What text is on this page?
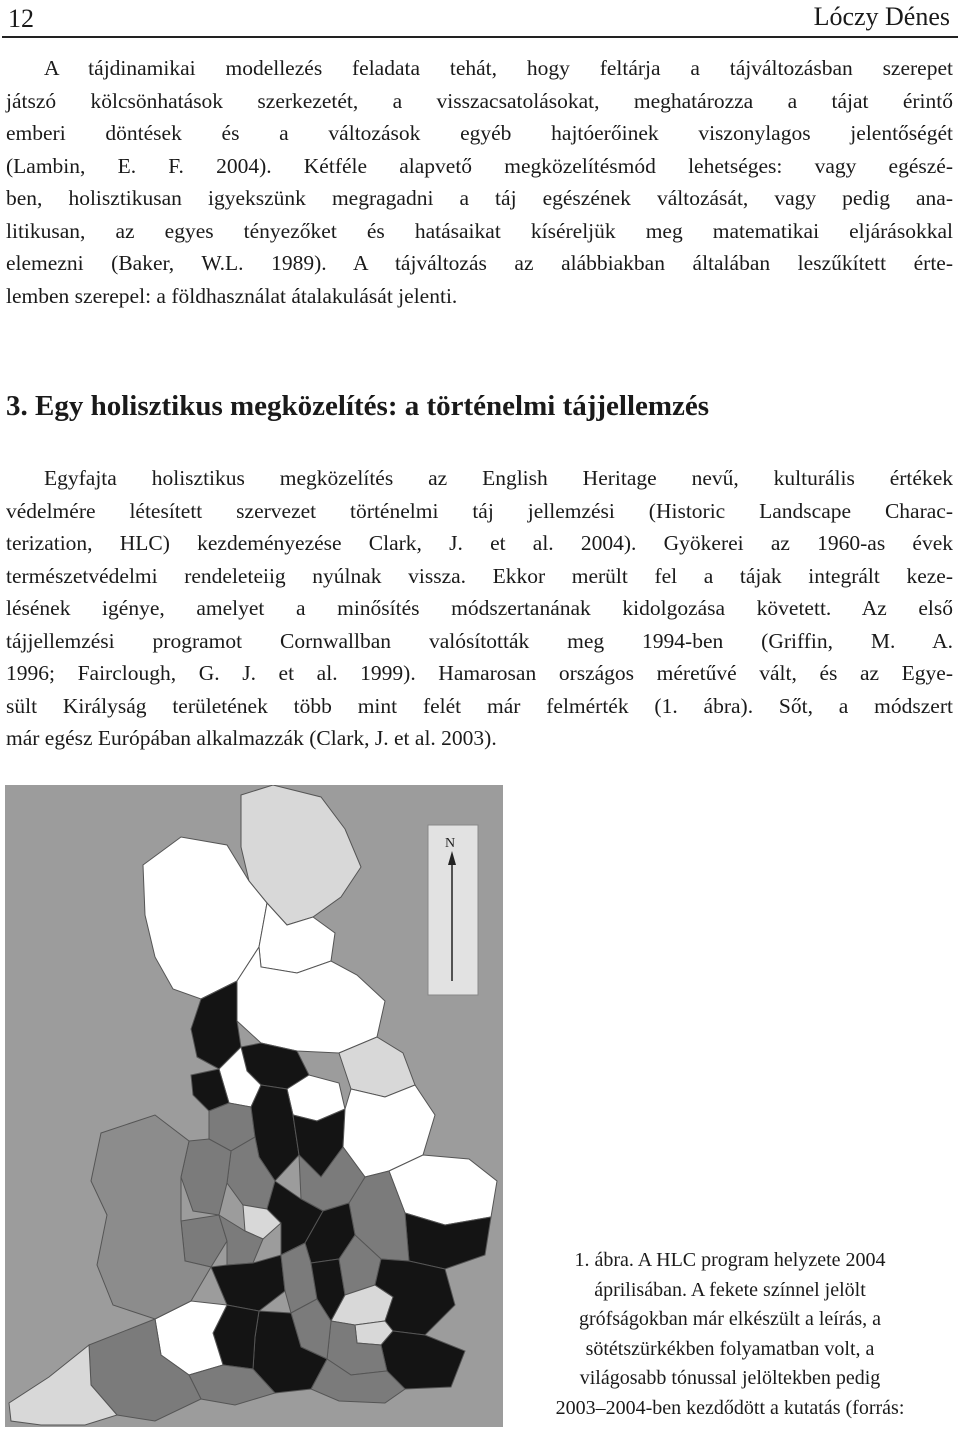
12	Lóczy Dénes

A tájdinamikai modellezés feladata tehát, hogy feltárja a tájváltozásban szerepet
játszó kölcsönhatások szerkezetét, a visszacsatolásokat, meghatározza a tájat érintő
emberi döntések és a változások egyéb hajtóerőinek viszonylagos jelentőségét
(Lambin, E. F. 2004). Kétféle alapvető megközelítésmód lehetséges: vagy egészé-
ben, holisztikusan igyekszünk megragadni a táj egészének változását, vagy pedig ana-
litikusan, az egyes tényezőket és hatásaikat kíséreljük meg matematikai eljárásokkal
elemezni (Baker, W.L. 1989). A tájváltozás az alábbiakban általában leszűkített érte-
lemben szerepel: a földhasználat átalakulását jelenti.

3. Egy holisztikus megközelítés: a történelmi tájjellemzés

Egyfajta holisztikus megközelítés az English Heritage nevű, kulturális értékek
védelmére létesített szervezet történelmi táj jellemzési (Historic Landscape Charac-
terization, HLC) kezdeményezése Clark, J. et al. 2004). Gyökerei az 1960-as évek
természetvédelmi rendeleteiig nyúlnak vissza. Ekkor merült fel a tájak integrált keze-
lésének igénye, amelyet a minősítés módszertanának kidolgozása követett. Az első
tájjellemzési programot Cornwallban valósították meg 1994-ben (Griffin, M. A.
1996; Fairclough, G. J. et al. 1999). Hamarosan országos méretűvé vált, és az Egye-
sült Királyság területének több mint felét már felmérték (1. ábra). Sőt, a módszert
már egész Európában alkalmazzák (Clark, J. et al. 2003).

N

1. ábra. A HLC program helyzete 2004
áprilisában. A fekete színnel jelölt
grófságokban már elkészült a leírás, a
sötétszürkékben folyamatban volt, a
világosabb tónussal jelöltekben pedig
2003–2004-ben kezdődött a kutatás (forrás:
